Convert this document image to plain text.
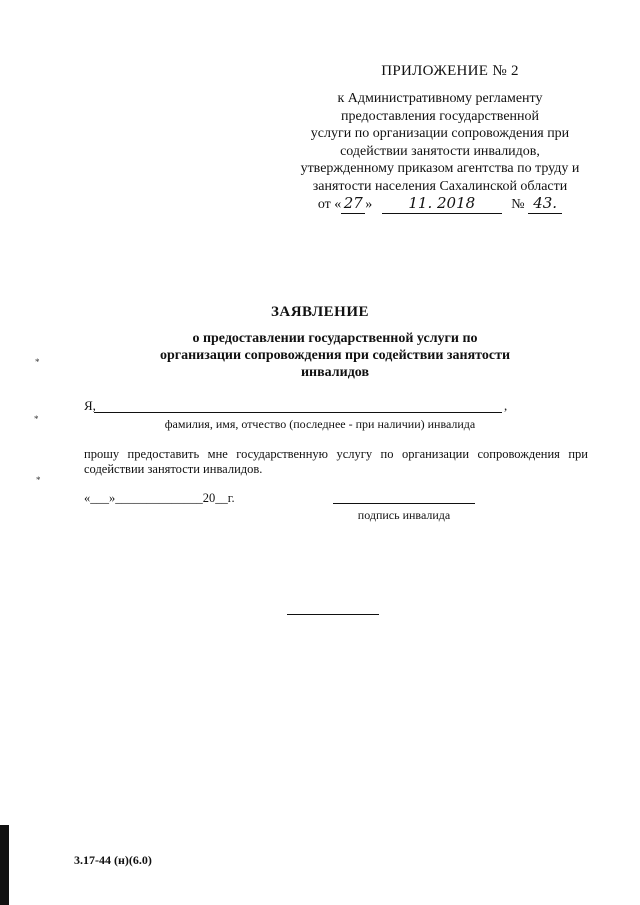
*
*
*
ПРИЛОЖЕНИЕ № 2
к Административному регламенту
предоставления государственной
услуги по организации сопровождения при
содействии занятости инвалидов,
утвержденному приказом агентства по труду и
занятости населения Сахалинской области
от « 27 » 11. 2018	№ 43.
ЗАЯВЛЕНИЕ
о предоставлении государственной услуги по
организации сопровождения при содействии занятости
инвалидов
Я,	,
фамилия, имя, отчество (последнее - при наличии) инвалида
прошу предоставить мне государственную услугу по организации сопровождения при содействии занятости инвалидов.
«___»______________20__г.
подпись инвалида
3.17-44 (н)(6.0)
